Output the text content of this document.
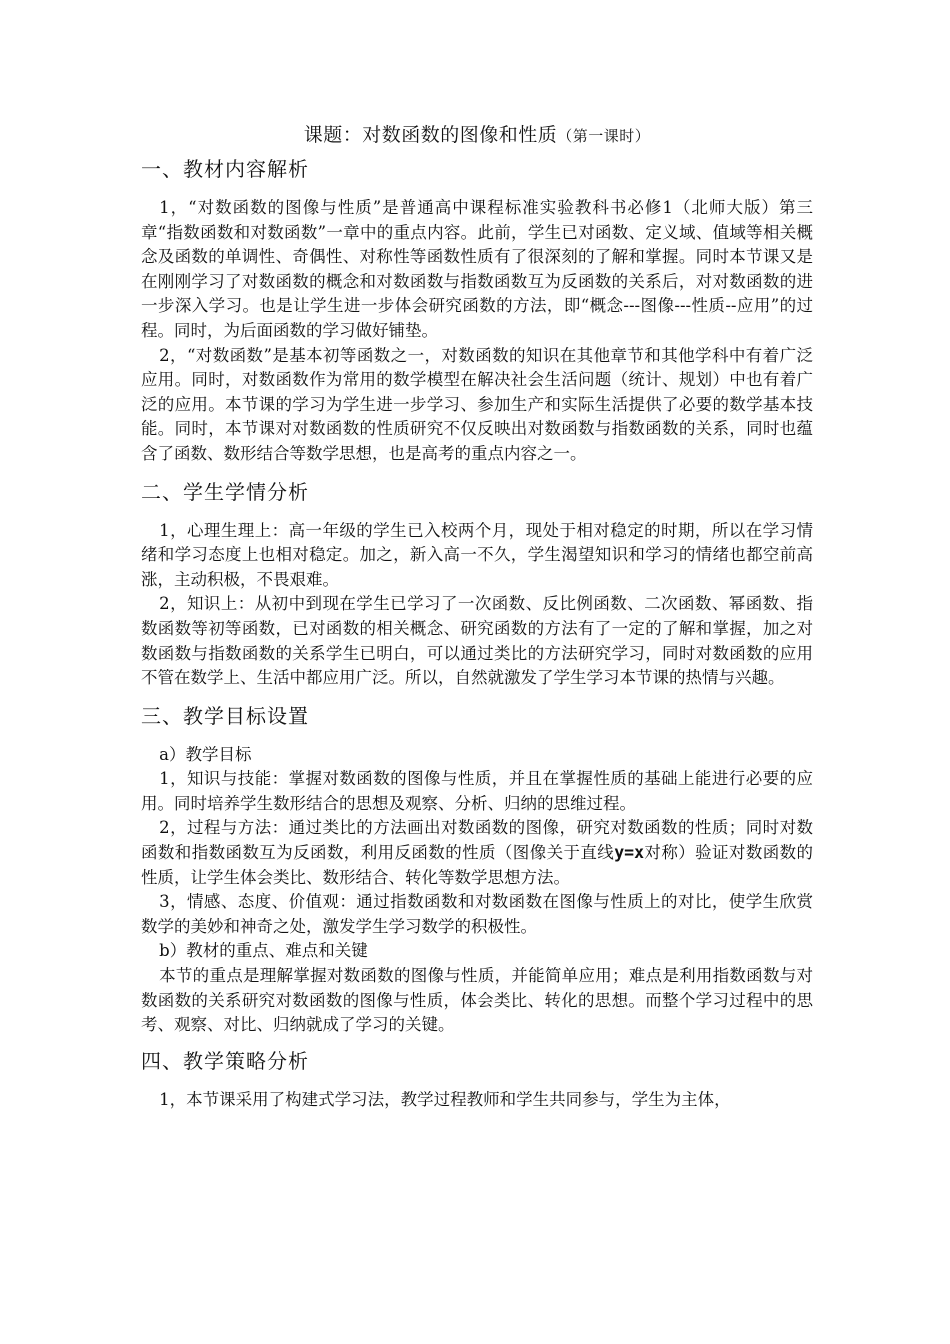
课题：对数函数的图像和性质（第一课时）
一、教材内容解析

1，“对数函数的图像与性质”是普通高中课程标准实验教科书必修1（北师大版）第三章“指数函数和对数函数”一章中的重点内容。此前，学生已对函数、定义域、值域等相关概念及函数的单调性、奇偶性、对称性等函数性质有了很深刻的了解和掌握。同时本节课又是在刚刚学习了对数函数的概念和对数函数与指数函数互为反函数的关系后，对对数函数的进一步深入学习。也是让学生进一步体会研究函数的方法，即“概念---图像---性质--应用”的过程。同时，为后面函数的学习做好铺垫。

2，“对数函数”是基本初等函数之一，对数函数的知识在其他章节和其他学科中有着广泛应用。同时，对数函数作为常用的数学模型在解决社会生活问题（统计、规划）中也有着广泛的应用。本节课的学习为学生进一步学习、参加生产和实际生活提供了必要的数学基本技能。同时，本节课对对数函数的性质研究不仅反映出对数函数与指数函数的关系，同时也蕴含了函数、数形结合等数学思想，也是高考的重点内容之一。

二、学生学情分析

1，心理生理上：高一年级的学生已入校两个月，现处于相对稳定的时期，所以在学习情绪和学习态度上也相对稳定。加之，新入高一不久，学生渴望知识和学习的情绪也都空前高涨，主动积极，不畏艰难。

2，知识上：从初中到现在学生已学习了一次函数、反比例函数、二次函数、幂函数、指数函数等初等函数，已对函数的相关概念、研究函数的方法有了一定的了解和掌握，加之对数函数与指数函数的关系学生已明白，可以通过类比的方法研究学习，同时对数函数的应用不管在数学上、生活中都应用广泛。所以，自然就激发了学生学习本节课的热情与兴趣。

三、教学目标设置

a）教学目标

1，知识与技能：掌握对数函数的图像与性质，并且在掌握性质的基础上能进行必要的应用。同时培养学生数形结合的思想及观察、分析、归纳的思维过程。

2，过程与方法：通过类比的方法画出对数函数的图像，研究对数函数的性质；同时对数函数和指数函数互为反函数，利用反函数的性质（图像关于直线y=x对称）验证对数函数的性质，让学生体会类比、数形结合、转化等数学思想方法。

3，情感、态度、价值观：通过指数函数和对数函数在图像与性质上的对比，使学生欣赏数学的美妙和神奇之处，激发学生学习数学的积极性。

b）教材的重点、难点和关键

本节的重点是理解掌握对数函数的图像与性质，并能简单应用；难点是利用指数函数与对数函数的关系研究对数函数的图像与性质，体会类比、转化的思想。而整个学习过程中的思考、观察、对比、归纳就成了学习的关键。

四、教学策略分析

1，本节课采用了构建式学习法，教学过程教师和学生共同参与，学生为主体，
